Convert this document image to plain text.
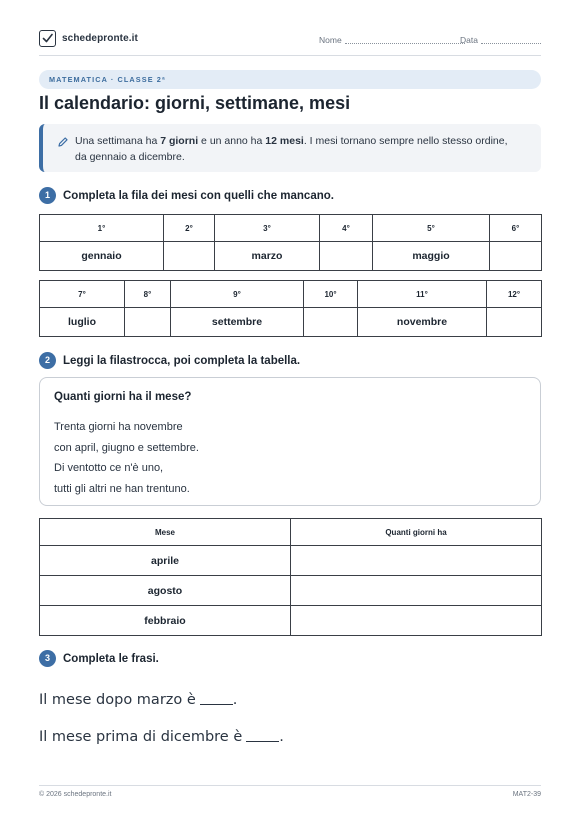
schedepronte.it	Nome	Data
MATEMATICA · CLASSE 2ª
Il calendario: giorni, settimane, mesi
Una settimana ha 7 giorni e un anno ha 12 mesi. I mesi tornano sempre nello stesso ordine, da gennaio a dicembre.
1	Completa la fila dei mesi con quelli che mancano.
1°	2°	3°	4°	5°	6°
gennaio		marzo		maggio	
7°	8°	9°	10°	11°	12°
luglio		settembre		novembre	
2	Leggi la filastrocca, poi completa la tabella.
Quanti giorni ha il mese?
Trenta giorni ha novembre
con april, giugno e settembre.
Di ventotto ce n'è uno,
tutti gli altri ne han trentuno.
Mese	Quanti giorni ha
aprile	
agosto	
febbraio	
3	Completa le frasi.
Il mese dopo marzo è	.
Il mese prima di dicembre è	.
© 2026 schedepronte.it	MAT2-39
